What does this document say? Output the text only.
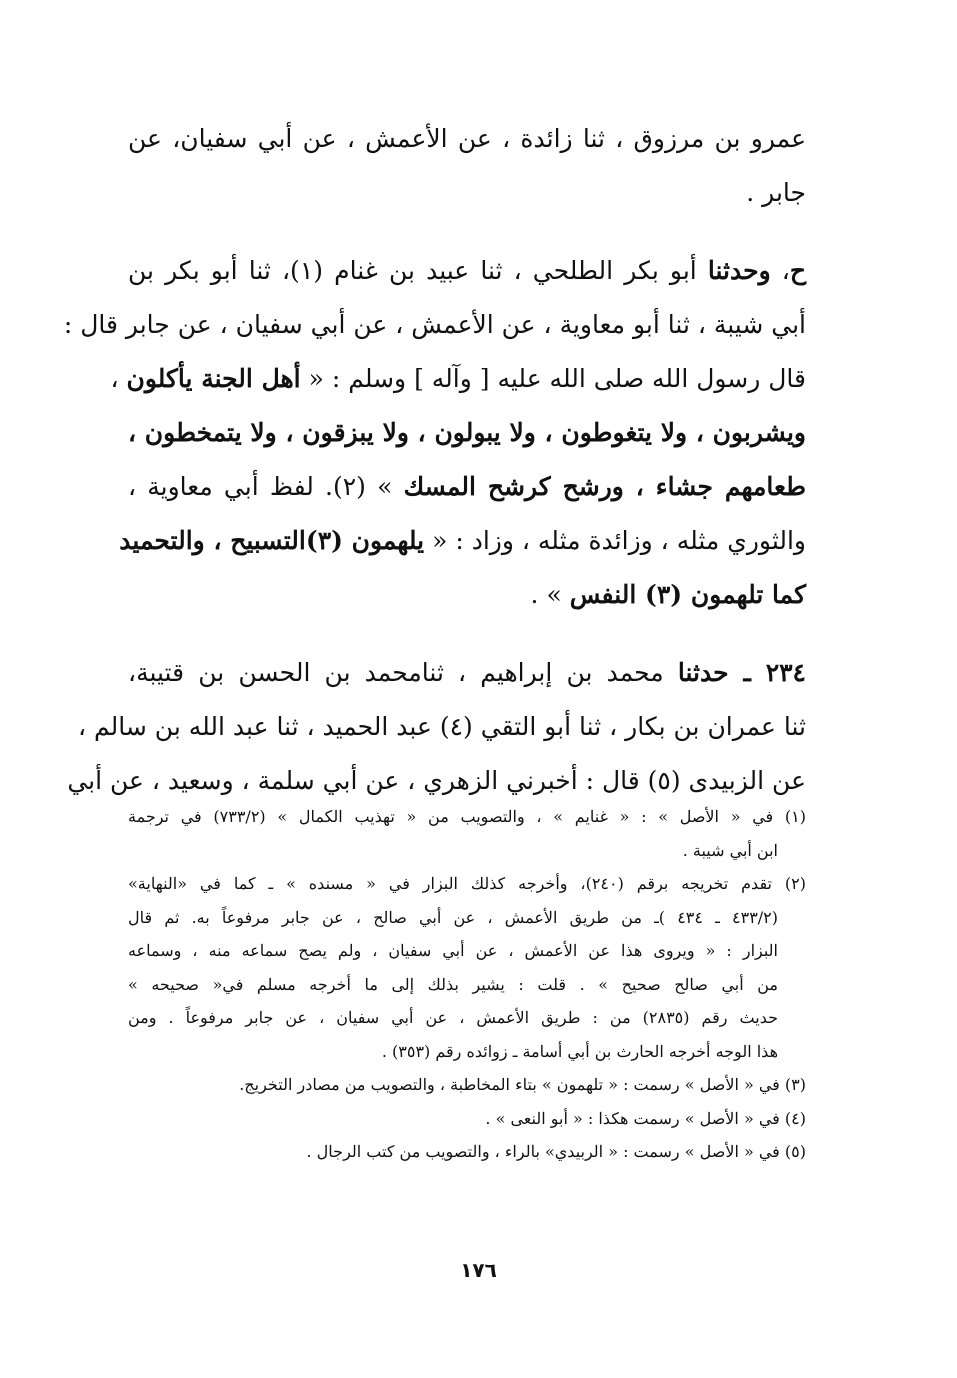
عمرو بن مرزوق ، ثنا زائدة ، عن الأعمش ، عن أبي سفيان، عن
جابر .
ح، وحدثنا أبو بكر الطلحي ، ثنا عبيد بن غنام (١)، ثنا أبو بكر بن
أبي شيبة ، ثنا أبو معاوية ، عن الأعمش ، عن أبي سفيان ، عن جابر قال :
قال رسول الله صلى الله عليه [ وآله ] وسلم : « أهل الجنة يأكلون ،
ويشربون ، ولا يتغوطون ، ولا يبولون ، ولا يبزقون ، ولا يتمخطون ،
طعامهم جشاء ، ورشح كرشح المسك » (٢). لفظ أبي معاوية ،
والثوري مثله ، وزائدة مثله ، وزاد : « يلهمون (٣)التسبيح ، والتحميد
كما تلهمون (٣) النفس » .
٢٣٤ ـ حدثنا محمد بن إبراهيم ، ثنامحمد بن الحسن بن قتيبة،
ثنا عمران بن بكار ، ثنا أبو التقي (٤) عبد الحميد ، ثنا عبد الله بن سالم ،
عن الزبيدى (٥) قال : أخبرني الزهري ، عن أبي سلمة ، وسعيد ، عن أبي
(١) في « الأصل » : « غنايم » ، والتصويب من « تهذيب الكمال » (٧٣٣/٢) في ترجمة
ابن أبي شيبة .
(٢) تقدم تخريجه برقم (٢٤٠)، وأخرجه كذلك البزار في « مسنده » ـ كما في «النهاية»
(٤٣٣/٢ ـ ٤٣٤ )ـ من طريق الأعمش ، عن أبي صالح ، عن جابر مرفوعاً به. ثم قال
البزار : « ويروى هذا عن الأعمش ، عن أبي سفيان ، ولم يصح سماعه منه ، وسماعه
من أبي صالح صحيح » . قلت : يشير بذلك إلى ما أخرجه مسلم في« صحيحه »
حديث رقم (٢٨٣٥) من : طريق الأعمش ، عن أبي سفيان ، عن جابر مرفوعاً . ومن
هذا الوجه أخرجه الحارث بن أبي أسامة ـ زوائده رقم (٣٥٣) .
(٣) في « الأصل » رسمت : « تلهمون » بتاء المخاطبة ، والتصويب من مصادر التخريج.
(٤) في « الأصل » رسمت هكذا : « أبو النعى » .
(٥) في « الأصل » رسمت : « الربيدي» بالراء ، والتصويب من كتب الرجال .
١٧٦
